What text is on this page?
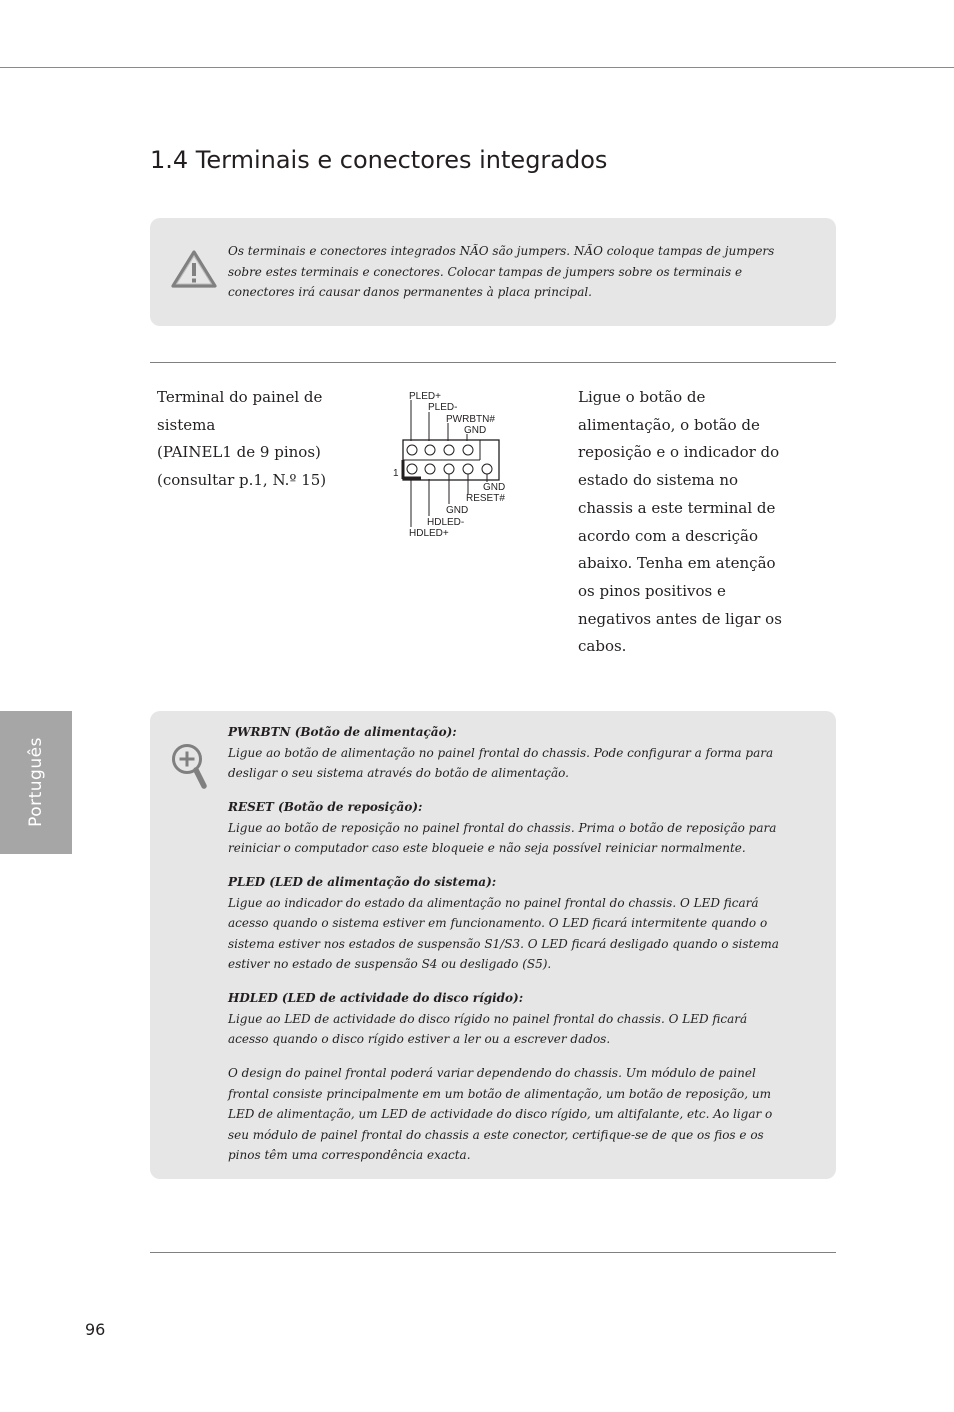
1.4 Terminais e conectores integrados
Os terminais e conectores integrados NÃO são jumpers. NÃO coloque tampas de jumpers sobre estes terminais e conectores. Colocar tampas de jumpers sobre os terminais e conectores irá causar danos permanentes à placa principal.
Terminal do painel de
sistema
(PAINEL1 de 9 pinos)
(consultar p.1, N.º 15)	1
PLED+
PLED-
PWRBTN#
GND
GND
RESET#
GND
HDLED-
HDLED+
Ligue o botão de alimentação, o botão de reposição e o indicador do estado do sistema no chassis a este terminal de acordo com a descrição abaixo. Tenha em atenção os pinos positivos e negativos antes de ligar os cabos.
Português

PWRBTN (Botão de alimentação):
Ligue ao botão de alimentação no painel frontal do chassis. Pode configurar a forma para desligar o seu sistema através do botão de alimentação.

RESET (Botão de reposição):
Ligue ao botão de reposição no painel frontal do chassis. Prima o botão de reposição para reiniciar o computador caso este bloqueie e não seja possível reiniciar normalmente.

PLED (LED de alimentação do sistema):
Ligue ao indicador do estado da alimentação no painel frontal do chassis. O LED ficará acesso quando o sistema estiver em funcionamento. O LED ficará intermitente quando o sistema estiver nos estados de suspensão S1/S3. O LED ficará desligado quando o sistema estiver no estado de suspensão S4 ou desligado (S5).

HDLED (LED de actividade do disco rígido):
Ligue ao LED de actividade do disco rígido no painel frontal do chassis. O LED ficará acesso quando o disco rígido estiver a ler ou a escrever dados.

O design do painel frontal poderá variar dependendo do chassis. Um módulo de painel frontal consiste principalmente em um botão de alimentação, um botão de reposição, um LED de alimentação, um LED de actividade do disco rígido, um altifalante, etc. Ao ligar o seu módulo de painel frontal do chassis a este conector, certifique-se de que os fios e os pinos têm uma correspondência exacta.

96
